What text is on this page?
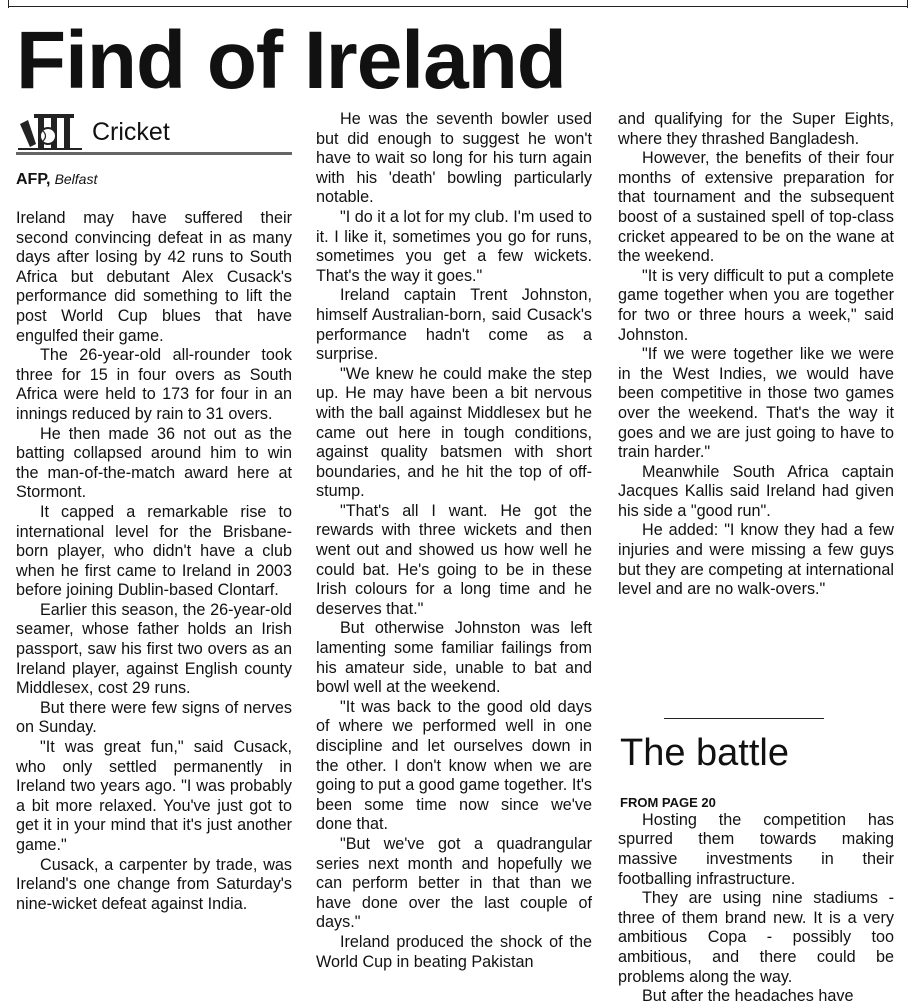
Find of Ireland
Cricket
AFP, Belfast

Ireland may have suffered their second convincing defeat in as many days after losing by 42 runs to South Africa but debutant Alex Cusack's performance did something to lift the post World Cup blues that have engulfed their game.

The 26-year-old all-rounder took three for 15 in four overs as South Africa were held to 173 for four in an innings reduced by rain to 31 overs.

He then made 36 not out as the batting collapsed around him to win the man-of-the-match award here at Stormont.

It capped a remarkable rise to international level for the Brisbane-born player, who didn't have a club when he first came to Ireland in 2003 before joining Dublin-based Clontarf.

Earlier this season, the 26-year-old seamer, whose father holds an Irish passport, saw his first two overs as an Ireland player, against English county Middlesex, cost 29 runs.

But there were few signs of nerves on Sunday.

"It was great fun," said Cusack, who only settled permanently in Ireland two years ago. "I was probably a bit more relaxed. You've just got to get it in your mind that it's just another game."

Cusack, a carpenter by trade, was Ireland's one change from Saturday's nine-wicket defeat against India.

He was the seventh bowler used but did enough to suggest he won't have to wait so long for his turn again with his 'death' bowling particularly notable.

"I do it a lot for my club. I'm used to it. I like it, sometimes you go for runs, sometimes you get a few wickets. That's the way it goes."

Ireland captain Trent Johnston, himself Australian-born, said Cusack's performance hadn't come as a surprise.

"We knew he could make the step up. He may have been a bit nervous with the ball against Middlesex but he came out here in tough conditions, against quality batsmen with short boundaries, and he hit the top of off-stump.

"That's all I want. He got the rewards with three wickets and then went out and showed us how well he could bat. He's going to be in these Irish colours for a long time and he deserves that."

But otherwise Johnston was left lamenting some familiar failings from his amateur side, unable to bat and bowl well at the weekend.

"It was back to the good old days of where we performed well in one discipline and let ourselves down in the other. I don't know when we are going to put a good game together. It's been some time now since we've done that.

"But we've got a quadrangular series next month and hopefully we can perform better in that than we have done over the last couple of days."

Ireland produced the shock of the World Cup in beating Pakistan

and qualifying for the Super Eights, where they thrashed Bangladesh.

However, the benefits of their four months of extensive preparation for that tournament and the subsequent boost of a sustained spell of top-class cricket appeared to be on the wane at the weekend.

"It is very difficult to put a complete game together when you are together for two or three hours a week," said Johnston.

"If we were together like we were in the West Indies, we would have been competitive in those two games over the weekend. That's the way it goes and we are just going to have to train harder."

Meanwhile South Africa captain Jacques Kallis said Ireland had given his side a "good run".

He added: "I know they had a few injuries and were missing a few guys but they are competing at international level and are no walk-overs."

The battle
FROM PAGE 20

Hosting the competition has spurred them towards making massive investments in their footballing infrastructure.

They are using nine stadiums - three of them brand new. It is a very ambitious Copa - possibly too ambitious, and there could be problems along the way.

But after the headaches have
